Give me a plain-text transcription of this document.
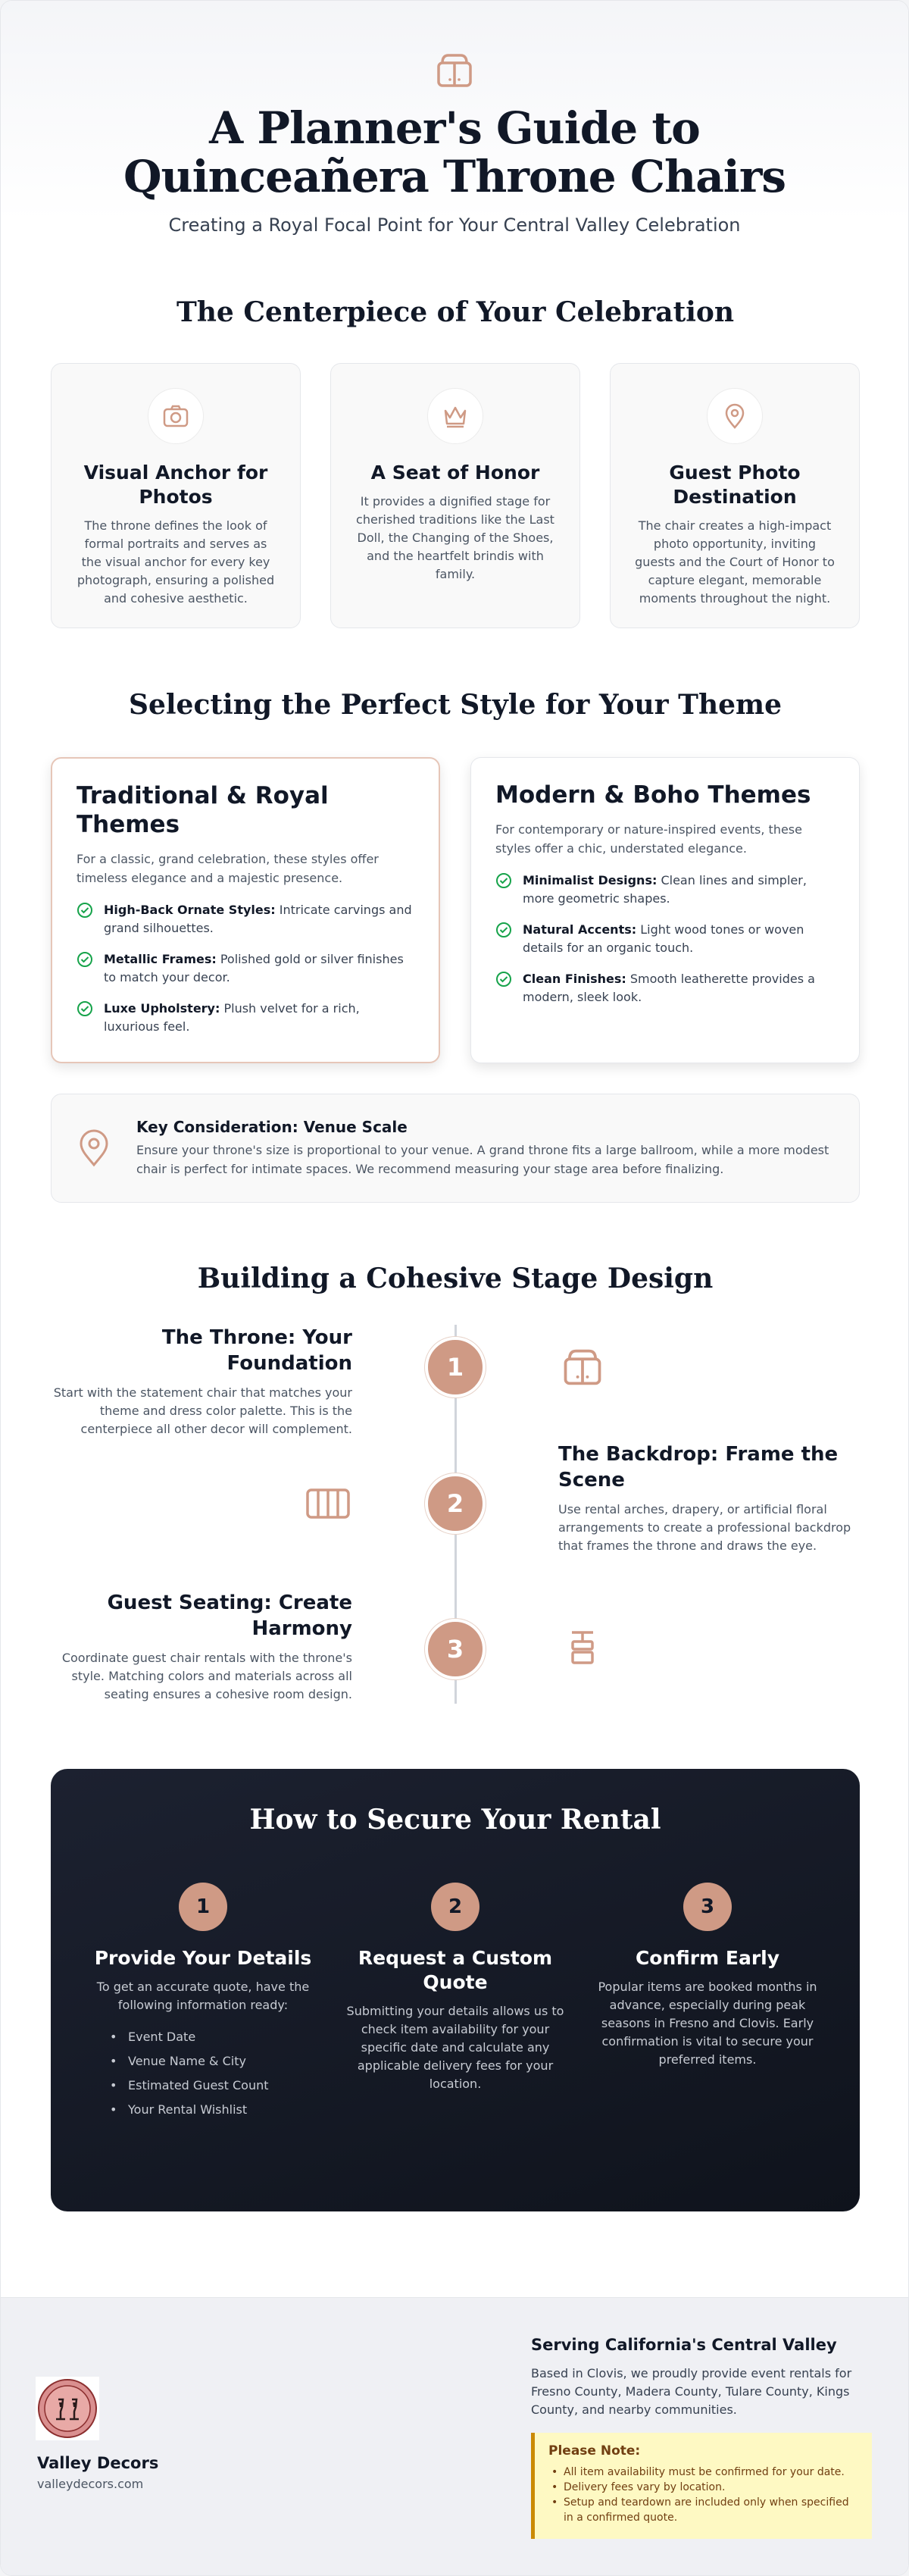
A Planner's Guide to Quinceañera Throne Chairs

Creating a Royal Focal Point for Your Central Valley Celebration

The Centerpiece of Your Celebration
Visual Anchor for Photos

The throne defines the look of formal portraits and serves as the visual anchor for every key photograph, ensuring a polished and cohesive aesthetic.

A Seat of Honor

It provides a dignified stage for cherished traditions like the Last Doll, the Changing of the Shoes, and the heartfelt brindis with family.

Guest Photo Destination

The chair creates a high-impact photo opportunity, inviting guests and the Court of Honor to capture elegant, memorable moments throughout the night.

Selecting the Perfect Style for Your Theme
Traditional & Royal Themes

For a classic, grand celebration, these styles offer timeless elegance and a majestic presence.

High-Back Ornate Styles: Intricate carvings and grand silhouettes.
Metallic Frames: Polished gold or silver finishes to match your decor.
Luxe Upholstery: Plush velvet for a rich, luxurious feel.
Modern & Boho Themes

For contemporary or nature-inspired events, these styles offer a chic, understated elegance.

Minimalist Designs: Clean lines and simpler, more geometric shapes.
Natural Accents: Light wood tones or woven details for an organic touch.
Clean Finishes: Smooth leatherette provides a modern, sleek look.
Key Consideration: Venue Scale

Ensure your throne's size is proportional to your venue. A grand throne fits a large ballroom, while a more modest chair is perfect for intimate spaces. We recommend measuring your stage area before finalizing.

Building a Cohesive Stage Design
The Throne: Your Foundation

Start with the statement chair that matches your theme and dress color palette. This is the centerpiece all other decor will complement.

1
2
The Backdrop: Frame the Scene

Use rental arches, drapery, or artificial floral arrangements to create a professional backdrop that frames the throne and draws the eye.

Guest Seating: Create Harmony

Coordinate guest chair rentals with the throne's style. Matching colors and materials across all seating ensures a cohesive room design.

3
How to Secure Your Rental
1
Provide Your Details

To get an accurate quote, have the following information ready:

• Event Date
• Venue Name & City
• Estimated Guest Count
• Your Rental Wishlist
2
Request a Custom Quote

Submitting your details allows us to check item availability for your specific date and calculate any applicable delivery fees for your location.

3
Confirm Early

Popular items are booked months in advance, especially during peak seasons in Fresno and Clovis. Early confirmation is vital to secure your preferred items.

Valley Decors
valleydecors.com
Serving California's Central Valley

Based in Clovis, we proudly provide event rentals for Fresno County, Madera County, Tulare County, Kings County, and nearby communities.

Please Note:
• All item availability must be confirmed for your date.
• Delivery fees vary by location.
• Setup and teardown are included only when specified in a confirmed quote.
